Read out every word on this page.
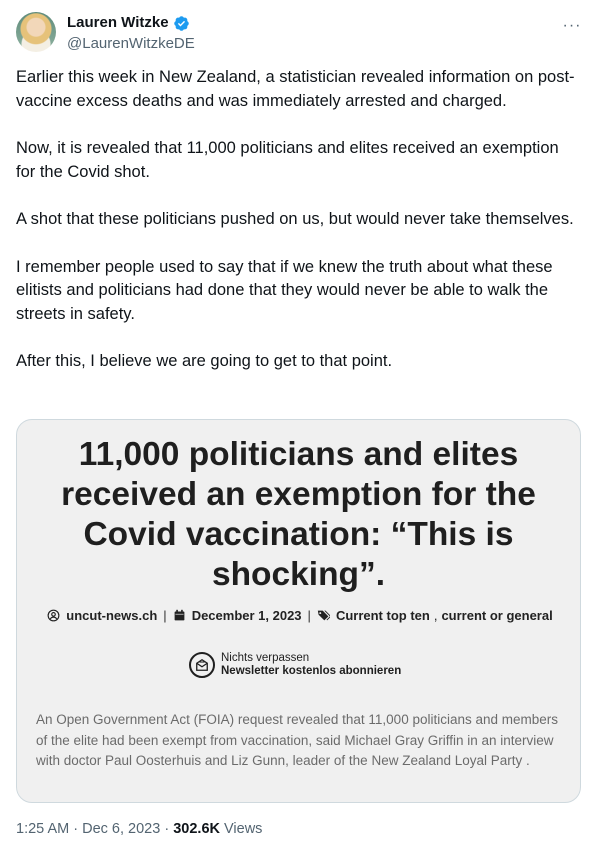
Lauren Witzke
@LaurenWitzkeDE
···

Earlier this week in New Zealand, a statistician revealed information on post-vaccine excess deaths and was immediately arrested and charged.

Now, it is revealed that 11,000 politicians and elites received an exemption for the Covid shot.

A shot that these politicians pushed on us, but would never take themselves.

I remember people used to say that if we knew the truth about what these elitists and politicians had done that they would never be able to walk the streets in safety.

After this, I believe we are going to get to that point.

11,000 politicians and elites received an exemption for the Covid vaccination: “This is shocking”.
uncut-news.ch | December 1, 2023 | Current top ten , current or general
Nichts verpassen
Newsletter kostenlos abonnieren
An Open Government Act (FOIA) request revealed that 11,000 politicians and members of the elite had been exempt from vaccination, said Michael Gray Griffin in an interview with doctor Paul Oosterhuis and Liz Gunn, leader of the New Zealand Loyal Party .
1:25 AM · Dec 6, 2023 · 302.6K Views
